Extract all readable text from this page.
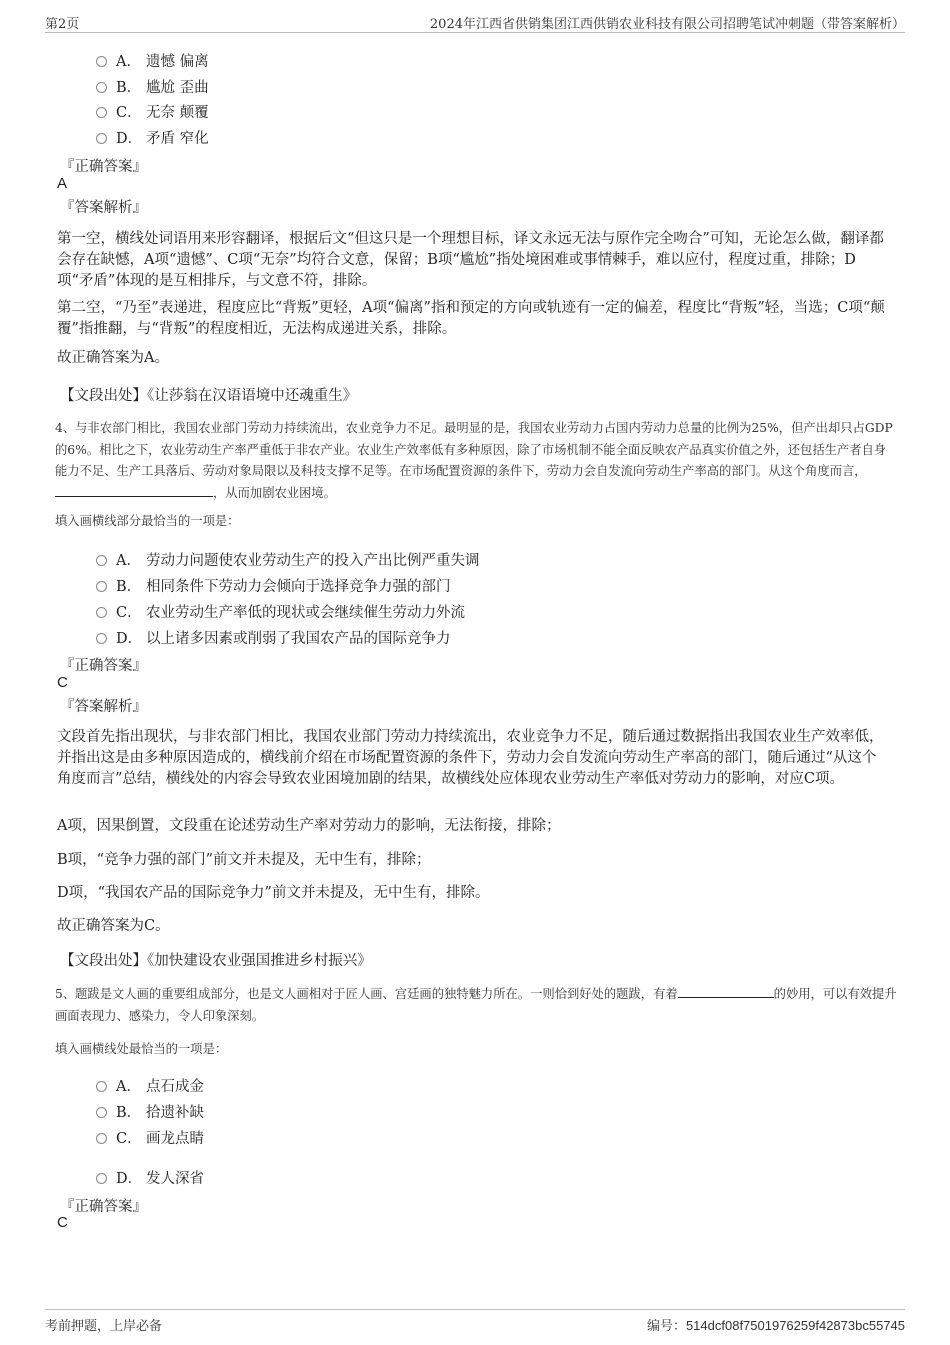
第2页	2024年江西省供销集团江西供销农业科技有限公司招聘笔试冲刺题（带答案解析）
A． 遗憾 偏离
B． 尴尬 歪曲
C． 无奈 颠覆
D． 矛盾 窄化
『正确答案』
A
『答案解析』

第一空，横线处词语用来形容翻译，根据后文“但这只是一个理想目标，译文永远无法与原作完全吻合”可知，无论怎么做，翻译都会存在缺憾，A项“遗憾”、C项“无奈”均符合文意，保留；B项“尴尬”指处境困难或事情棘手，难以应付，程度过重，排除；D项“矛盾”体现的是互相排斥，与文意不符，排除。

第二空，“乃至”表递进，程度应比“背叛”更轻，A项“偏离”指和预定的方向或轨迹有一定的偏差，程度比“背叛”轻，当选；C项“颠覆”指推翻，与“背叛”的程度相近，无法构成递进关系，排除。

故正确答案为A。

【文段出处】《让莎翁在汉语语境中还魂重生》

4、与非农部门相比，我国农业部门劳动力持续流出，农业竞争力不足。最明显的是，我国农业劳动力占国内劳动力总量的比例为25%，但产出却只占GDP的6%。相比之下，农业劳动生产率严重低于非农产业。农业生产效率低有多种原因，除了市场机制不能全面反映农产品真实价值之外，还包括生产者自身能力不足、生产工具落后、劳动对象局限以及科技支撑不足等。在市场配置资源的条件下，劳动力会自发流向劳动生产率高的部门。从这个角度而言，，从而加剧农业困境。

填入画横线部分最恰当的一项是：
A． 劳动力问题使农业劳动生产的投入产出比例严重失调
B． 相同条件下劳动力会倾向于选择竞争力强的部门
C． 农业劳动生产率低的现状或会继续催生劳动力外流
D． 以上诸多因素或削弱了我国农产品的国际竞争力
『正确答案』
C
『答案解析』

文段首先指出现状，与非农部门相比，我国农业部门劳动力持续流出，农业竞争力不足，随后通过数据指出我国农业生产效率低，并指出这是由多种原因造成的，横线前介绍在市场配置资源的条件下，劳动力会自发流向劳动生产率高的部门，随后通过“从这个角度而言”总结，横线处的内容会导致农业困境加剧的结果，故横线处应体现农业劳动生产率低对劳动力的影响，对应C项。

A项，因果倒置，文段重在论述劳动生产率对劳动力的影响，无法衔接，排除；

B项，“竞争力强的部门”前文并未提及，无中生有，排除；

D项，“我国农产品的国际竞争力”前文并未提及，无中生有，排除。

故正确答案为C。

【文段出处】《加快建设农业强国推进乡村振兴》

5、题跋是文人画的重要组成部分，也是文人画相对于匠人画、宫廷画的独特魅力所在。一则恰到好处的题跋，有着	的妙用，可以有效提升画面表现力、感染力，令人印象深刻。

填入画横线处最恰当的一项是：
A． 点石成金
B． 拾遗补缺
C． 画龙点睛
D． 发人深省
『正确答案』
C
考前押题，上岸必备	编号：514dcf08f7501976259f42873bc55745
